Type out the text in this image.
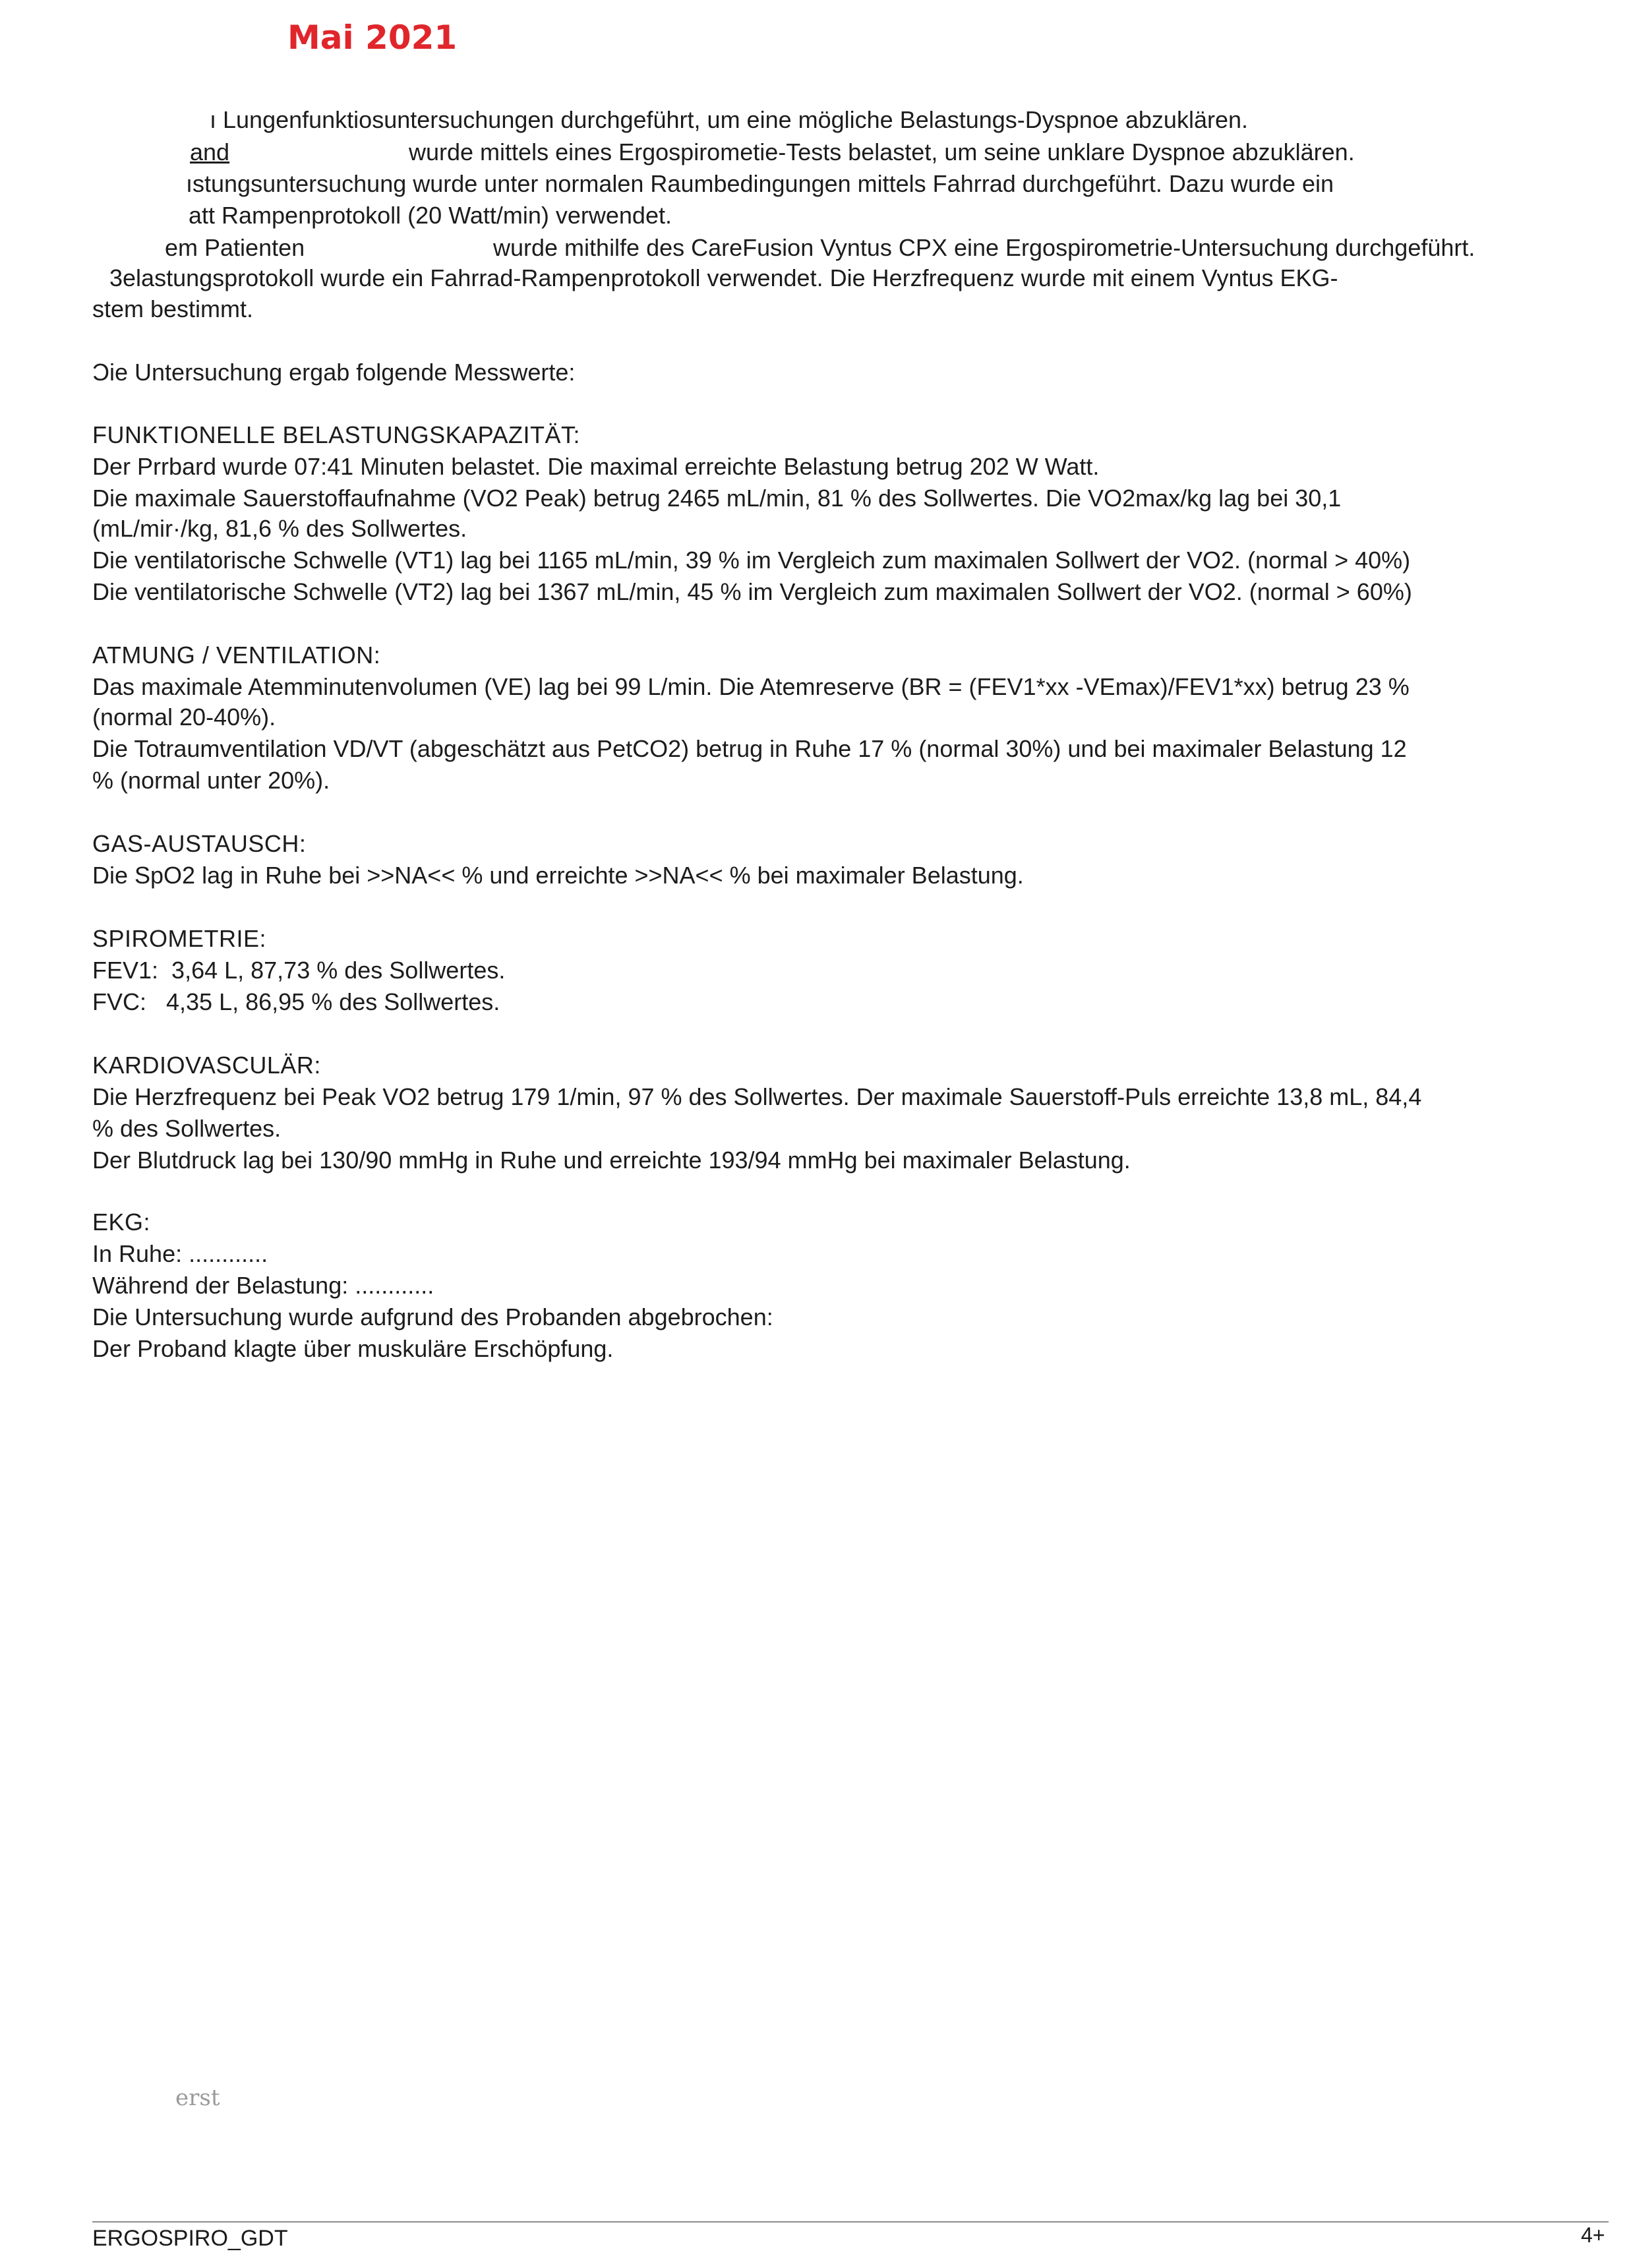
Mai 2021
ı Lungenfunktiosuntersuchungen durchgeführt, um eine mögliche Belastungs-Dyspnoe abzuklären.
and	wurde mittels eines Ergospirometie-Tests belastet, um seine unklare Dyspnoe abzuklären.
ıstungsuntersuchung wurde unter normalen Raumbedingungen mittels Fahrrad durchgeführt. Dazu wurde ein
att Rampenprotokoll (20 Watt/min) verwendet.
em Patienten	wurde mithilfe des CareFusion Vyntus CPX eine Ergospirometrie-Untersuchung durchgeführt.
3elastungsprotokoll wurde ein Fahrrad-Rampenprotokoll verwendet. Die Herzfrequenz wurde mit einem Vyntus EKG-
stem bestimmt.
Ɔie Untersuchung ergab folgende Messwerte:
FUNKTIONELLE BELASTUNGSKAPAZITÄT:
Der Prrbard wurde 07:41 Minuten belastet. Die maximal erreichte Belastung betrug 202 W Watt.
Die maximale Sauerstoffaufnahme (VO2 Peak) betrug 2465 mL/min, 81 % des Sollwertes. Die VO2max/kg lag bei 30,1
(mL/mir·/kg, 81,6 % des Sollwertes.
Die ventilatorische Schwelle (VT1) lag bei 1165 mL/min, 39 % im Vergleich zum maximalen Sollwert der VO2. (normal > 40%)
Die ventilatorische Schwelle (VT2) lag bei 1367 mL/min, 45 % im Vergleich zum maximalen Sollwert der VO2. (normal > 60%)
ATMUNG / VENTILATION:
Das maximale Atemminutenvolumen (VE) lag bei 99 L/min. Die Atemreserve (BR = (FEV1*xx -VEmax)/FEV1*xx) betrug 23 %
(normal 20-40%).
Die Totraumventilation VD/VT (abgeschätzt aus PetCO2) betrug in Ruhe 17 % (normal 30%) und bei maximaler Belastung 12
% (normal unter 20%).
GAS-AUSTAUSCH:
Die SpO2 lag in Ruhe bei >>NA<< % und erreichte >>NA<< % bei maximaler Belastung.
SPIROMETRIE:
FEV1:  3,64 L, 87,73 % des Sollwertes.
FVC:   4,35 L, 86,95 % des Sollwertes.
KARDIOVASCULÄR:
Die Herzfrequenz bei Peak VO2 betrug 179 1/min, 97 % des Sollwertes. Der maximale Sauerstoff-Puls erreichte 13,8 mL, 84,4
% des Sollwertes.
Der Blutdruck lag bei 130/90 mmHg in Ruhe und erreichte 193/94 mmHg bei maximaler Belastung.
EKG:
In Ruhe: ............
Während der Belastung: ............
Die Untersuchung wurde aufgrund des Probanden abgebrochen:
Der Proband klagte über muskuläre Erschöpfung.
erst
ERGOSPIRO_GDT	4+
